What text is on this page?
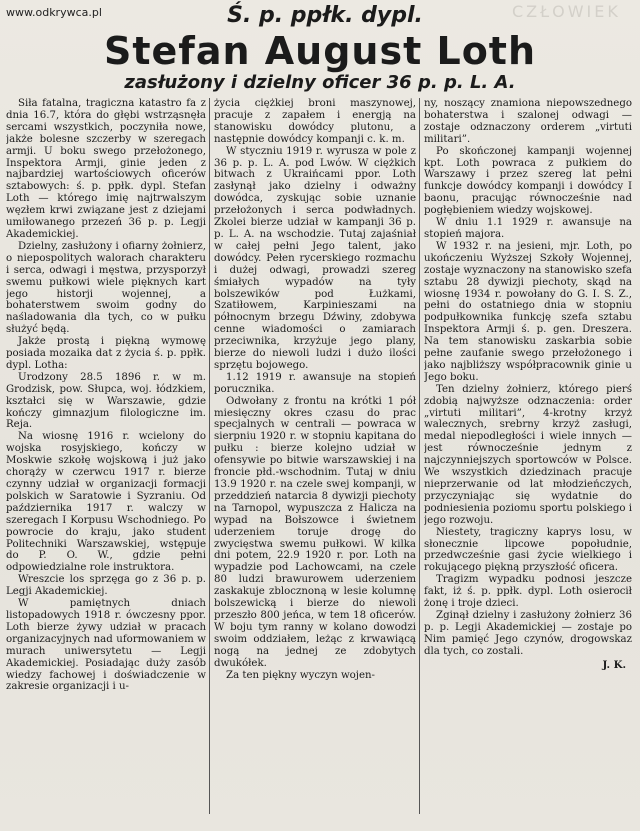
www.odkrywca.pl	CZŁOWIEK
Ś. p. ppłk. dypl.
Stefan August Loth
zasłużony i dzielny oficer 36 p. p. L. A.

Siła fatalna, tragiczna katastro fa z dnia 16.7, która do głębi wstrząsnęła sercami wszystkich, poczyniła nowe, jakże bolesne szczerby w szeregach armji. U boku swego przełożonego, Inspektora Armji, ginie jeden z najbardziej wartościowych oficerów sztabowych: ś. p. ppłk. dypl. Stefan Loth — którego imię najtrwalszym węzłem krwi związane jest z dziejami umiłowanego przezeń 36 p. p. Legji Akademickiej.

Dzielny, zasłużony i ofiarny żołnierz, o niepospolitych walorach charakteru i serca, odwagi i męstwa, przysporzył swemu pułkowi wiele pięknych kart jego historji wojennej, a bohaterstwem swoim godny do naśladowania dla tych, co w pułku służyć będą.

Jakże prostą i piękną wymowę posiada mozaika dat z życia ś. p. ppłk. dypl. Lotha:

Urodzony 28.5 1896 r. w m. Grodzisk, pow. Słupca, woj. łódzkiem, kształci się w Warszawie, gdzie kończy gimnazjum filologiczne im. Reja.

Na wiosnę 1916 r. wcielony do wojska rosyjskiego, kończy w Moskwie szkołę wojskową i już jako chorąży w czerwcu 1917 r. bierze czynny udział w organizacji formacji polskich w Saratowie i Syzraniu. Od października 1917 r. walczy w szeregach I Korpusu Wschodniego. Po powrocie do kraju, jako student Politechniki Warszawskiej, wstępuje do P. O. W., gdzie pełni odpowiedzialne role instruktora.

Wreszcie los sprzęga go z 36 p. p. Legji Akademickiej.

W pamiętnych dniach listopadowych 1918 r. ówczesny ppor. Loth bierze żywy udział w pracach organizacyjnych nad uformowaniem w murach uniwersytetu — Legji Akademickiej. Posiadając duży zasób wiedzy fachowej i doświadczenie w zakresie organizacji i u-

życia ciężkiej broni maszynowej, pracuje z zapałem i energją na stanowisku dowódcy plutonu, a następnie dowódcy kompanji c. k. m.

W styczniu 1919 r. wyrusza w pole z 36 p. p. L. A. pod Lwów. W ciężkich bitwach z Ukraińcami ppor. Loth zasłynął jako dzielny i odważny dowódca, zyskując sobie uznanie przełożonych i serca podwładnych. Zkolei bierze udział w kampanji 36 p. p. L. A. na wschodzie. Tutaj zajaśniał w całej pełni Jego talent, jako dowódcy. Pełen rycerskiego rozmachu i dużej odwagi, prowadzi szereg śmiałych wypadów na tyły bolszewików pod Łużkami, Szatiłowem, Karpinieszami na północnym brzegu Dźwiny, zdobywa cenne wiadomości o zamiarach przeciwnika, krzyżuje jego plany, bierze do niewoli ludzi i dużo ilości sprzętu bojowego.

1.12 1919 r. awansuje na stopień porucznika.

Odwołany z frontu na krótki 1 pół miesięczny okres czasu do prac specjalnych w centrali — powraca w sierpniu 1920 r. w stopniu kapitana do pułku : bierze kolejno udział w ofensywie po bitwie warszawskiej i na froncie płd.-wschodnim. Tutaj w dniu 13.9 1920 r. na czele swej kompanji, w przeddzień natarcia 8 dywizji piechoty na Tarnopol, wypuszcza z Halicza na wypad na Bołszowce i świetnem uderzeniem toruje drogę do zwycięstwa swemu pułkowi. W kilka dni potem, 22.9 1920 r. por. Loth na wypadzie pod Lachowcami, na czele 80 ludzi brawurowem uderzeniem zaskakuje zblocznoną w lesie kolumnę bolszewicką i bierze do niewoli przeszło 800 jeńca, w tem 18 oficerów. W boju tym ranny w kolano dowodzi swoim oddziałem, leżąc z krwawiącą nogą na jednej ze zdobytych dwukółek.

Za ten piękny wyczyn wojen-

ny, noszący znamiona niepowszednego bohaterstwa i szalonej odwagi — zostaje odznaczony orderem „virtuti militari”.

Po skończonej kampanji wojennej kpt. Loth powraca z pułkiem do Warszawy i przez szereg lat pełni funkcje dowódcy kompanji i dowódcy I baonu, pracując równocześnie nad pogłębieniem wiedzy wojskowej.

W dniu 1.1 1929 r. awansuje na stopień majora.

W 1932 r. na jesieni, mjr. Loth, po ukończeniu Wyższej Szkoły Wojennej, zostaje wyznaczony na stanowisko szefa sztabu 28 dywizji piechoty, skąd na wiosnę 1934 r. powołany do G. I. S. Z., pełni do ostatniego dnia w stopniu podpułkownika funkcję szefa sztabu Inspektora Armji ś. p. gen. Dreszera. Na tem stanowisku zaskarbia sobie pełne zaufanie swego przełożonego i jako najbliższy współpracownik ginie u Jego boku.

Ten dzielny żołnierz, którego pierś zdobią najwyższe odznaczenia: order „virtuti militari”, 4-krotny krzyż walecznych, srebrny krzyż zasługi, medal niepodległości i wiele innych — jest równocześnie jednym z najczynniejszych sportowców w Polsce. We wszystkich dziedzinach pracuje nieprzerwanie od lat młodzieńczych, przyczyniając się wydatnie do podniesienia poziomu sportu polskiego i jego rozwoju.

Niestety, tragiczny kaprys losu, w słonecznie lipcowe popołudnie, przedwcześnie gasi życie wielkiego i rokującego piękną przyszłość oficera.

Tragizm wypadku podnosi jeszcze fakt, iż ś. p. ppłk. dypl. Loth osierocił żonę i troje dzieci.

Zginął dzielny i zasłużony żołnierz 36 p. p. Legji Akademickiej — zostaje po Nim pamięć Jego czynów, drogowskaz dla tych, co zostali.

J. K.
